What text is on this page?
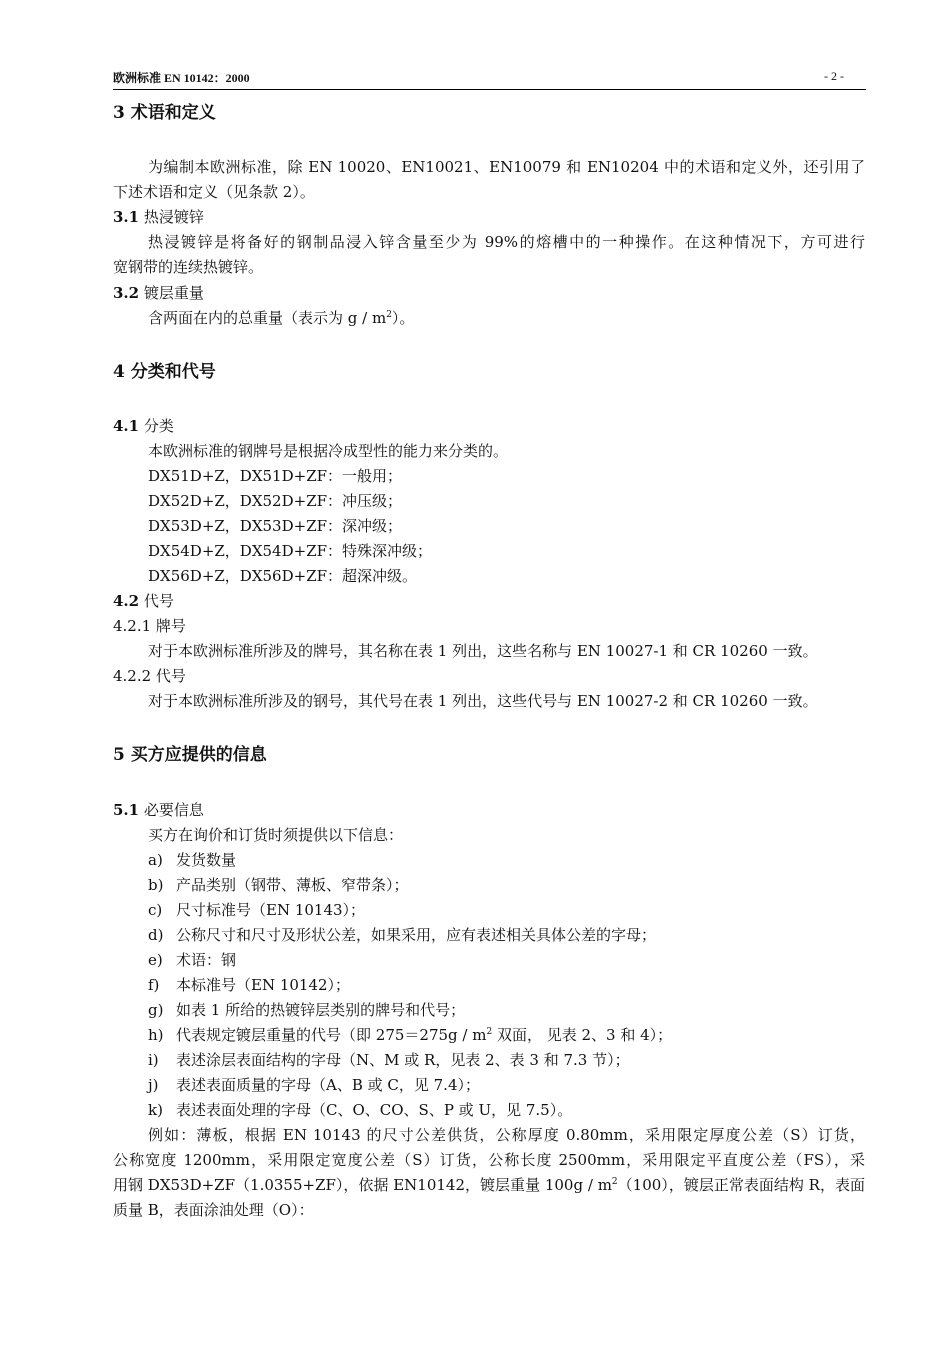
欧洲标准 EN 10142：2000	- 2 -
3 术语和定义
为编制本欧洲标准，除 EN 10020、EN10021、EN10079 和 EN10204 中的术语和定义外，还引用了
下述术语和定义（见条款 2）。
3.1 热浸镀锌
热浸镀锌是将备好的钢制品浸入锌含量至少为 99%的熔槽中的一种操作。在这种情况下，方可进行
宽钢带的连续热镀锌。
3.2 镀层重量
含两面在内的总重量（表示为 g / $m^2$）。
4 分类和代号
4.1 分类
本欧洲标准的钢牌号是根据冷成型性的能力来分类的。
DX51D+Z，DX51D+ZF：一般用；
DX52D+Z，DX52D+ZF：冲压级；
DX53D+Z，DX53D+ZF：深冲级；
DX54D+Z，DX54D+ZF：特殊深冲级；
DX56D+Z，DX56D+ZF：超深冲级。
4.2 代号
4.2.1 牌号
对于本欧洲标准所涉及的牌号，其名称在表 1 列出，这些名称与 EN 10027-1 和 CR 10260 一致。
4.2.2 代号
对于本欧洲标准所涉及的钢号，其代号在表 1 列出，这些代号与 EN 10027-2 和 CR 10260 一致。
5 买方应提供的信息
5.1 必要信息
买方在询价和订货时须提供以下信息：
a) 发货数量
b) 产品类别（钢带、薄板、窄带条）；
c) 尺寸标准号（EN 10143）；
d) 公称尺寸和尺寸及形状公差，如果采用，应有表述相关具体公差的字母；
e) 术语：钢
f) 本标准号（EN 10142）；
g) 如表 1 所给的热镀锌层类别的牌号和代号；
h) 代表规定镀层重量的代号（即 $275=275g / m^2$ 双面， 见表 2、3 和 4）；
i) 表述涂层表面结构的字母（N、M 或 R，见表 2、表 3 和 7.3 节）；
j) 表述表面质量的字母（A、B 或 C，见 7.4）；
k) 表述表面处理的字母（C、O、CO、S、P 或 U，见 7.5）。
例如：薄板，根据 EN 10143 的尺寸公差供货，公称厚度 0.80mm，采用限定厚度公差（S）订货，
公称宽度 1200mm，采用限定宽度公差（S）订货，公称长度 2500mm，采用限定平直度公差（FS），采
用钢 DX53D+ZF（1.0355+ZF），依据 EN10142，镀层重量 $100g / m^2(100)$，镀层正常表面结构 R，表面
质量 B，表面涂油处理（O）：
